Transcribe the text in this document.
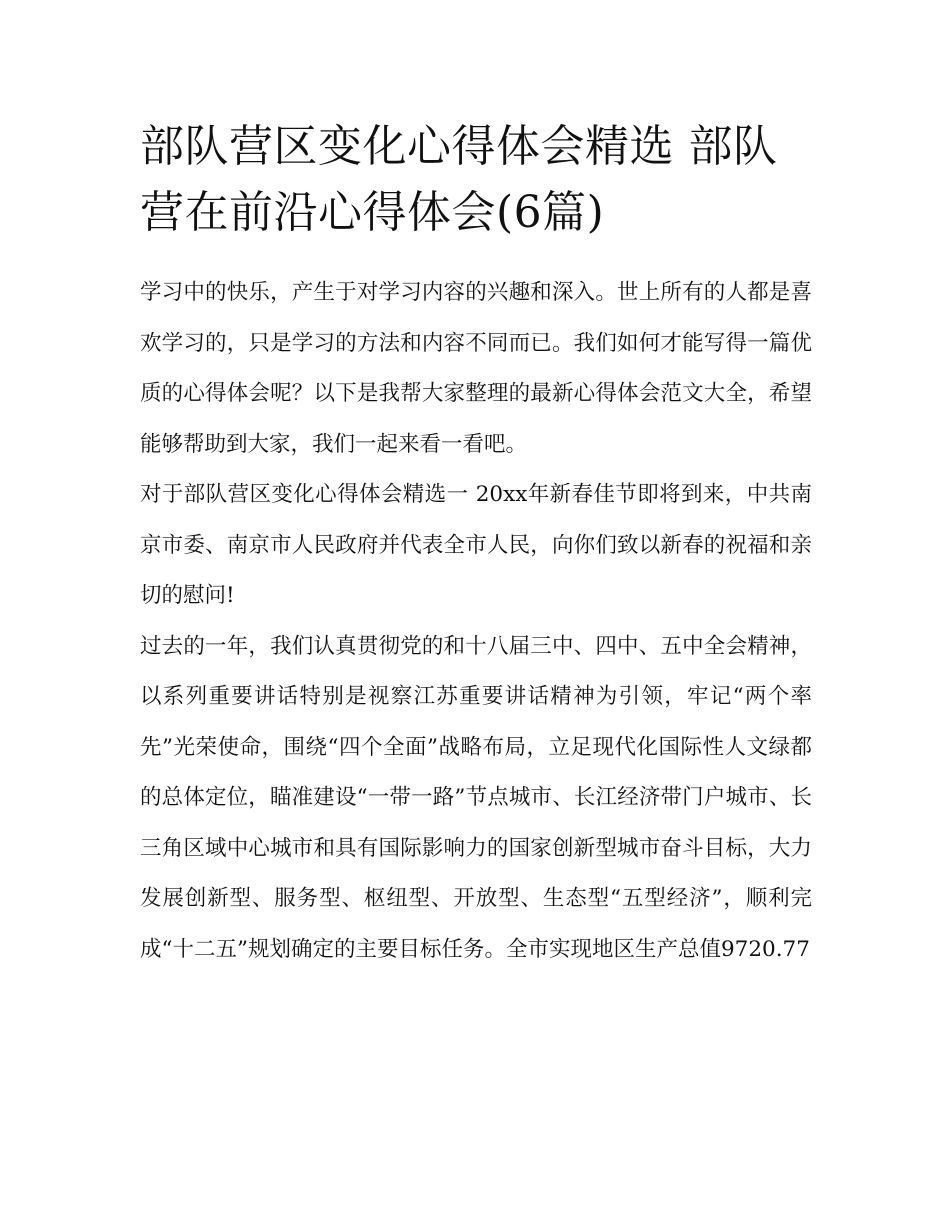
部队营区变化心得体会精选 部队营在前沿心得体会(6篇)

学习中的快乐，产生于对学习内容的兴趣和深入。世上所有的人都是喜欢学习的，只是学习的方法和内容不同而已。我们如何才能写得一篇优质的心得体会呢？以下是我帮大家整理的最新心得体会范文大全，希望能够帮助到大家，我们一起来看一看吧。

对于部队营区变化心得体会精选一 20xx年新春佳节即将到来，中共南京市委、南京市人民政府并代表全市人民，向你们致以新春的祝福和亲切的慰问!

过去的一年，我们认真贯彻党的和十八届三中、四中、五中全会精神，以系列重要讲话特别是视察江苏重要讲话精神为引领，牢记“两个率先”光荣使命，围绕“四个全面”战略布局，立足现代化国际性人文绿都的总体定位，瞄准建设“一带一路”节点城市、长江经济带门户城市、长三角区域中心城市和具有国际影响力的国家创新型城市奋斗目标，大力发展创新型、服务型、枢纽型、开放型、生态型“五型经济”，顺利完成“十二五”规划确定的主要目标任务。全市实现地区生产总值9720.77
